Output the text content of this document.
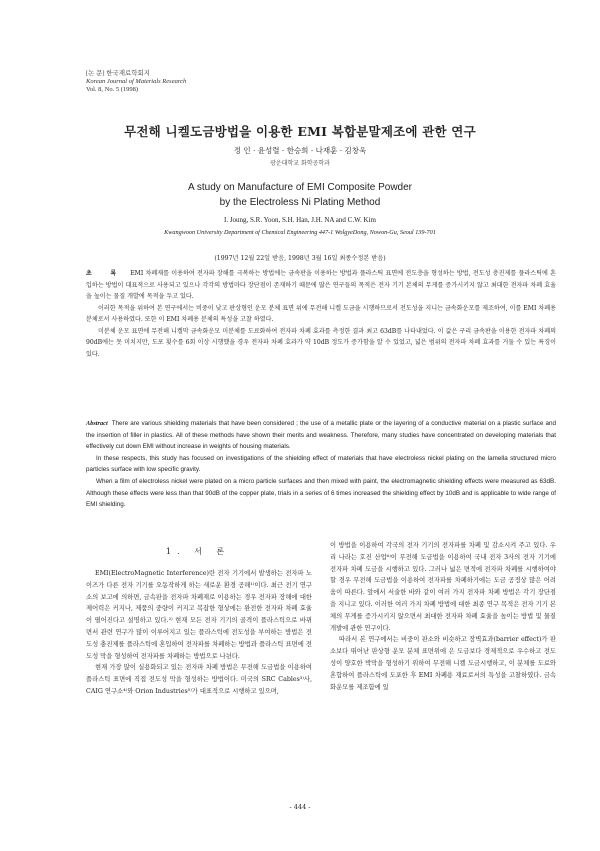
[논 문] 한국재료학회지
Korean Journal of Materials Research
Vol. 8, No. 5 (1998)
무전해 니켈도금방법을 이용한 EMI 복합분말제조에 관한 연구
정 인 · 윤성렬 · 한승희 · 나재훈 · 김창욱
광운대학교 화학공학과
A study on Manufacture of EMI Composite Powder
by the Electroless Ni Plating Method
I. Joung, S.R. Yoon, S.H. Han, J.H. NA and C.W. Kim
Kwangwoon University Department of Chemical Engineering 447-1 WolgyeDong, Nowon-Gu, Seoul 139-701
(1997년 12월 22일 받음, 1998년 3월 16일 최종수정본 받음)

초 록 EMI 차폐재를 이용하여 전자파 장해를 극복하는 방법에는 금속판을 이용하는 방법과 플라스틱 표면에 전도층을 형성하는 방법, 전도성 충진제를 플라스틱에 혼입하는 방법이 대표적으로 사용되고 있으나 각각의 방법마다 장단점이 존재하기 때문에 많은 연구들의 목적은 전자 기기 본체의 무게를 증가시키지 않고 최대한 전자파 차폐 효율을 높이는 물질 개발에 목적을 두고 있다.

이러한 목적을 위하여 본 연구에서는 비중이 낮고 판상형인 운모 분체 표면 위에 무전해 니켈 도금을 시행하므로서 전도성을 지니는 금속화운모를 제조하여, 이를 EMI 차폐용 분체로서 사용하였다. 또한 이 EMI 차폐용 분체의 특성을 고찰 하였다.

미분체 운모 표면에 무전해 니켈막 금속화운모 미분체를 도료화하여 전자파 차폐 효과를 측정한 결과 최고 63dB를 나타내었다. 이 값은 구리 금속판을 이용한 전자파 차폐의 90dB에는 못 미치지만, 도포 횟수를 6회 이상 시행했을 경우 전자파 차폐 효과가 약 10dB 정도가 증가함을 알 수 있었고, 넓은 범위의 전자파 차폐 효과를 거둘 수 있는 특징이 있다.

Abstract There are various shielding materials that have been considered ; the use of a metallic plate or the layering of a conductive material on a plastic surface and the insertion of filler in plastics. All of these methods have shown their merits and weakness. Therefore, many studies have concentrated on developing materials that effectively cut down EMI without increase in weights of housing materials.

In these respects, this study has focused on investigations of the shielding effect of materials that have electroless nickel plating on the lamella structured micro particles surface with low specific gravity.

When a film of electroless nickel were plated on a micro particle surfaces and then mixed with paint, the electromagnetic shielding effects were measured as 63dB. Although these effects were less than that 90dB of the copper plate, trials in a series of 6 times increased the shielding effect by 10dB and is applicable to wide range of EMI shielding.

1. 서 론

EMI(ElectroMagnetic Interference)란 전자 기기에서 발생하는 전자파 노이즈가 다른 전자 기기를 오동작하게 하는 새로운 환경 공해¹⁾이다. 최근 전기 연구소의 보고에 의하면, 금속판을 전자파 차폐재로 이용하는 경우 전자파 장해에 대한 제어력은 커지나, 제품의 중량이 커지고 복잡한 형상에는 완전한 전자파 차폐 효율이 떨어진다고 설명하고 있다.²⁾ 현재 모든 전자 기기의 골격이 플라스틱으로 바뀌면서 관련 연구가 많이 이루어지고 있는 플라스틱에 전도성을 부여하는 방법은 전도성 충진제를 플라스틱에 혼입하여 전자파를 차폐하는 방법과 플라스틱 표면에 전도성 막을 형성하여 전자파를 차폐하는 방법으로 나뉜다.

현재 가장 많이 실용화되고 있는 전자파 차폐 방법은 무전해 도금법을 이용하여 플라스틱 표면에 직접 전도성 막을 형성하는 방법이다. 미국의 SRC Cables³⁾사, CAIG 연구소⁴⁾와 Orion Industries⁵⁾가 대표적으로 시행하고 있으며,

이 방법을 이용하여 각국의 전자 기기의 전자파를 차폐 및 감소시켜 주고 있다. 우리 나라는 호진 산업⁶⁾이 무전해 도금법을 이용하여 국내 전자 3사의 전자 기기에 전자파 차폐 도금을 시행하고 있다. 그러나 넓은 면적에 전자파 차폐를 시행하여야 할 경우 무전해 도금법을 이용하여 전자파를 차폐하기에는 도금 공정상 많은 어려움이 따른다. 앞에서 서술한 바와 같이 여러 가지 전자파 차폐 방법은 각기 장단점을 지니고 있다. 이러한 여러 가지 차폐 방법에 대한 최종 연구 목적은 전자 기기 본체의 무게를 증가시키지 않으면서 최대한 전자파 차폐 효율을 높이는 방법 및 물질 개발에 관한 연구이다.

따라서 본 연구에서는 비중이 판소와 비슷하고 장벽효과(barrier effect)가 판소보다 뛰어난 판상형 운모 분체 표면위에 은 도금보다 경제적으로 우수하고 전도성이 양호한 박막을 형성하기 위하여 무전해 니켈 도금시행하고, 이 분체를 도료와 혼합하여 플라스틱에 도포한 후 EMI 차폐용 재료로서의 특성을 고찰하였다. 금속화운모를 제조함에 있

- 444 -
